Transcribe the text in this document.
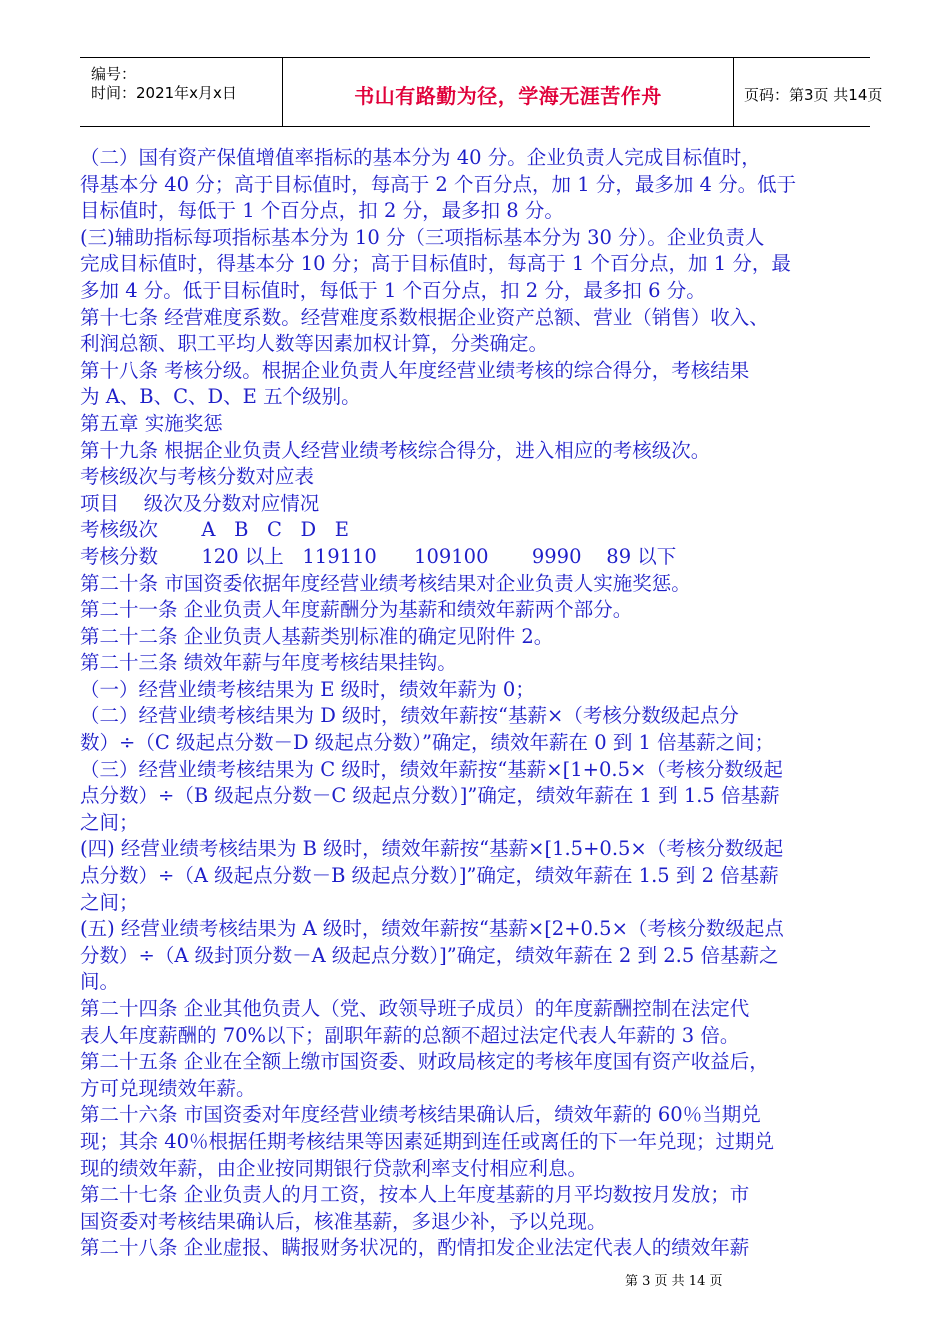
编号：
时间：2021年x月x日	书山有路勤为径，学海无涯苦作舟	页码：第3页 共14页
（二）国有资产保值增值率指标的基本分为 40 分。企业负责人完成目标值时，
得基本分 40 分；高于目标值时，每高于 2 个百分点，加 1 分，最多加 4 分。低于
目标值时，每低于 1 个百分点，扣 2 分，最多扣 8 分。
(三)辅助指标每项指标基本分为 10 分（三项指标基本分为 30 分）。企业负责人
完成目标值时，得基本分 10 分；高于目标值时，每高于 1 个百分点，加 1 分，最
多加 4 分。低于目标值时，每低于 1 个百分点，扣 2 分，最多扣 6 分。
第十七条 经营难度系数。经营难度系数根据企业资产总额、营业（销售）收入、
利润总额、职工平均人数等因素加权计算，分类确定。
第十八条 考核分级。根据企业负责人年度经营业绩考核的综合得分，考核结果
为 A、B、C、D、E 五个级别。
第五章 实施奖惩
第十九条 根据企业负责人经营业绩考核综合得分，进入相应的考核级次。
考核级次与考核分数对应表
项目    级次及分数对应情况
考核级次       A   B   C   D   E
考核分数       120 以上   119110      109100       9990    89 以下
第二十条 市国资委依据年度经营业绩考核结果对企业负责人实施奖惩。
第二十一条 企业负责人年度薪酬分为基薪和绩效年薪两个部分。
第二十二条 企业负责人基薪类别标准的确定见附件 2。
第二十三条 绩效年薪与年度考核结果挂钩。
（一）经营业绩考核结果为 E 级时，绩效年薪为 0；
（二）经营业绩考核结果为 D 级时，绩效年薪按“基薪×（考核分数级起点分
数）÷（C 级起点分数－D 级起点分数）”确定，绩效年薪在 0 到 1 倍基薪之间；
（三）经营业绩考核结果为 C 级时，绩效年薪按“基薪×[1+0.5×（考核分数级起
点分数）÷（B 级起点分数－C 级起点分数）]”确定，绩效年薪在 1 到 1.5 倍基薪
之间；
(四) 经营业绩考核结果为 B 级时，绩效年薪按“基薪×[1.5+0.5×（考核分数级起
点分数）÷（A 级起点分数－B 级起点分数）]”确定，绩效年薪在 1.5 到 2 倍基薪
之间；
(五) 经营业绩考核结果为 A 级时，绩效年薪按“基薪×[2+0.5×（考核分数级起点
分数）÷（A 级封顶分数－A 级起点分数）]”确定，绩效年薪在 2 到 2.5 倍基薪之
间。
第二十四条 企业其他负责人（党、政领导班子成员）的年度薪酬控制在法定代
表人年度薪酬的 70%以下；副职年薪的总额不超过法定代表人年薪的 3 倍。
第二十五条 企业在全额上缴市国资委、财政局核定的考核年度国有资产收益后，
方可兑现绩效年薪。
第二十六条 市国资委对年度经营业绩考核结果确认后，绩效年薪的 60％当期兑
现；其余 40％根据任期考核结果等因素延期到连任或离任的下一年兑现；过期兑
现的绩效年薪，由企业按同期银行贷款利率支付相应利息。
第二十七条 企业负责人的月工资，按本人上年度基薪的月平均数按月发放；市
国资委对考核结果确认后，核准基薪，多退少补，予以兑现。
第二十八条 企业虚报、瞒报财务状况的，酌情扣发企业法定代表人的绩效年薪
第 3 页 共 14 页
